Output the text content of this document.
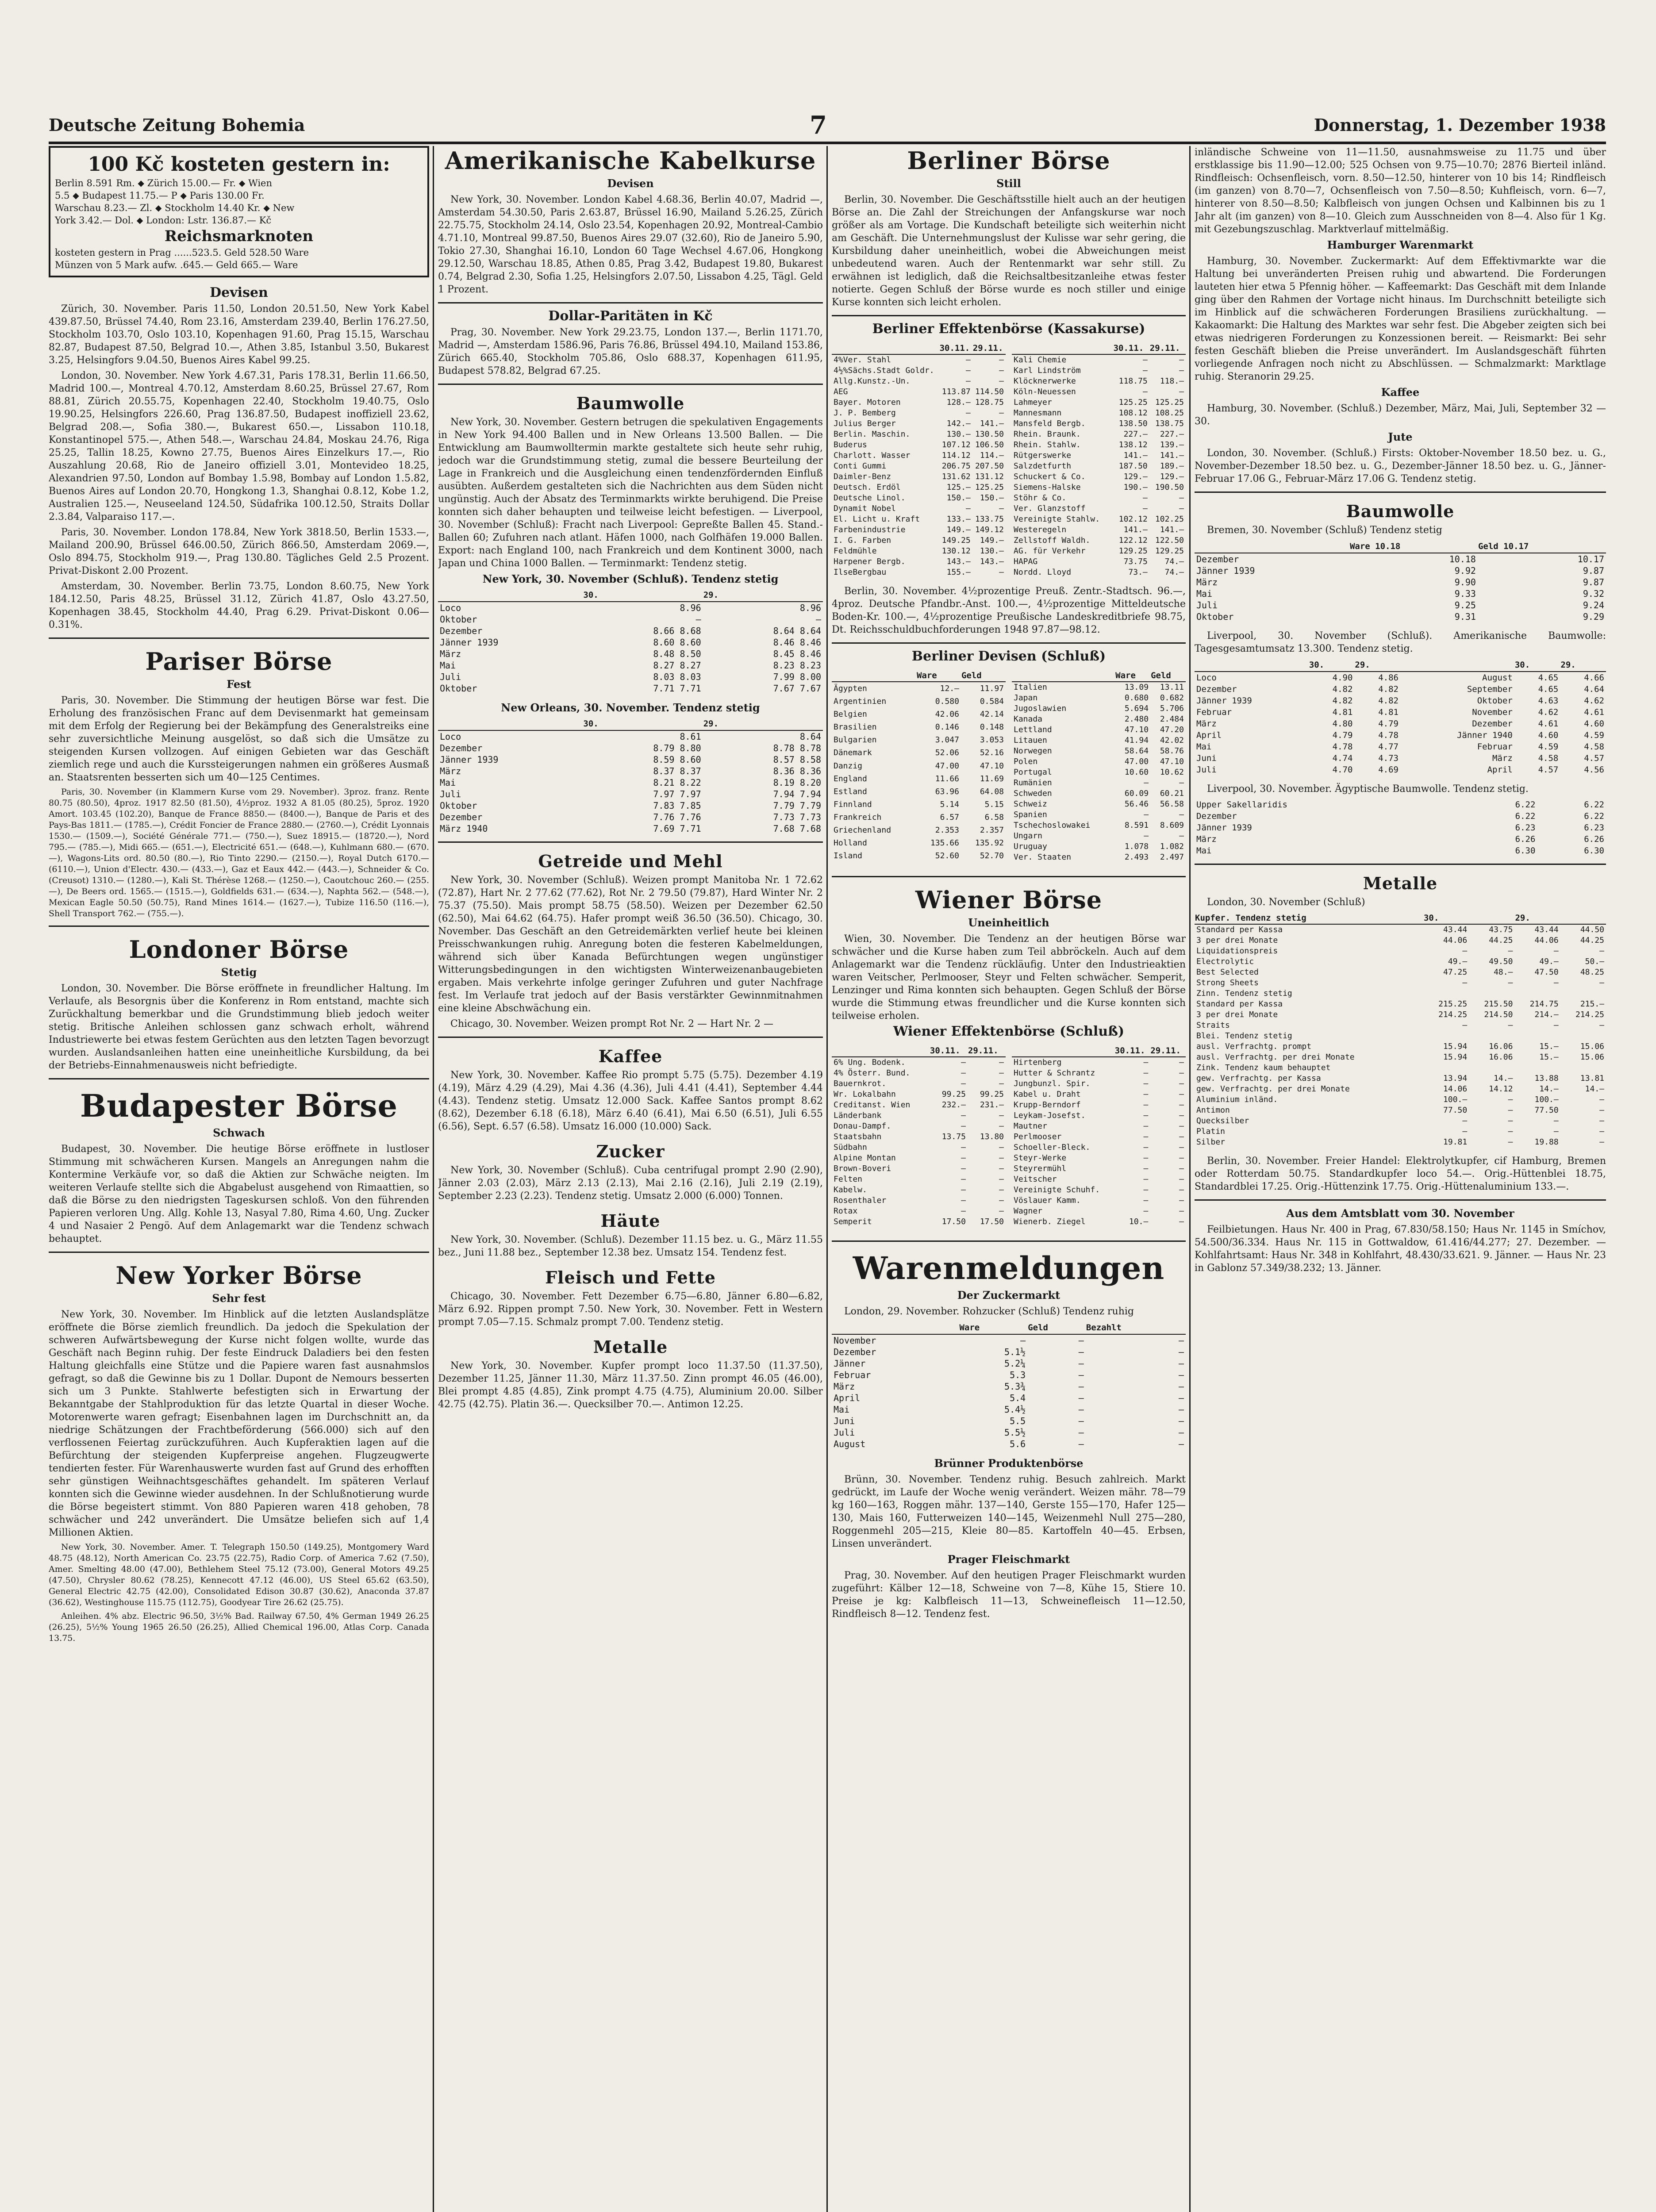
Deutsche Zeitung Bohemia	7	Donnerstag, 1. Dezember 1938
100 Kč kosteten gestern in:
Berlin 8.591 Rm. ⬥ Zürich 15.00.— Fr. ⬥ Wien
5.5 ⬥ Budapest 11.75.— P ⬥ Paris 130.00 Fr.
Warschau 8.23.— Zl. ⬥ Stockholm 14.40 Kr. ⬥ New
York 3.42.— Dol. ⬥ London: Lstr. 136.87.— Kč
Reichsmarknoten
kosteten gestern in Prag ......523.5. Geld 528.50 Ware
Münzen von 5 Mark aufw. .645.— Geld 665.— Ware
Devisen

Zürich, 30. November. Paris 11.50, London 20.51.50, New York Kabel 439.87.50, Brüssel 74.40, Rom 23.16, Amsterdam 239.40, Berlin 176.27.50, Stockholm 103.70, Oslo 103.10, Kopenhagen 91.60, Prag 15.15, Warschau 82.87, Budapest 87.50, Belgrad 10.—, Athen 3.85, Istanbul 3.50, Bukarest 3.25, Helsingfors 9.04.50, Buenos Aires Kabel 99.25.

London, 30. November. New York 4.67.31, Paris 178.31, Berlin 11.66.50, Madrid 100.—, Montreal 4.70.12, Amsterdam 8.60.25, Brüssel 27.67, Rom 88.81, Zürich 20.55.75, Kopenhagen 22.40, Stockholm 19.40.75, Oslo 19.90.25, Helsingfors 226.60, Prag 136.87.50, Budapest inoffiziell 23.62, Belgrad 208.—, Sofia 380.—, Bukarest 650.—, Lissabon 110.18, Konstantinopel 575.—, Athen 548.—, Warschau 24.84, Moskau 24.76, Riga 25.25, Tallin 18.25, Kowno 27.75, Buenos Aires Einzelkurs 17.—, Rio Auszahlung 20.68, Rio de Janeiro offiziell 3.01, Montevideo 18.25, Alexandrien 97.50, London auf Bombay 1.5.98, Bombay auf London 1.5.82, Buenos Aires auf London 20.70, Hongkong 1.3, Shanghai 0.8.12, Kobe 1.2, Australien 125.—, Neuseeland 124.50, Südafrika 100.12.50, Straits Dollar 2.3.84, Valparaiso 117.—.

Paris, 30. November. London 178.84, New York 3818.50, Berlin 1533.—, Mailand 200.90, Brüssel 646.00.50, Zürich 866.50, Amsterdam 2069.—, Oslo 894.75, Stockholm 919.—, Prag 130.80. Tägliches Geld 2.5 Prozent. Privat-Diskont 2.00 Prozent.

Amsterdam, 30. November. Berlin 73.75, London 8.60.75, New York 184.12.50, Paris 48.25, Brüssel 31.12, Zürich 41.87, Oslo 43.27.50, Kopenhagen 38.45, Stockholm 44.40, Prag 6.29. Privat-Diskont 0.06—0.31%.

Pariser Börse
Fest

Paris, 30. November. Die Stimmung der heutigen Börse war fest. Die Erholung des französischen Franc auf dem Devisenmarkt hat gemeinsam mit dem Erfolg der Regierung bei der Bekämpfung des Generalstreiks eine sehr zuversichtliche Meinung ausgelöst, so daß sich die Umsätze zu steigenden Kursen vollzogen. Auf einigen Gebieten war das Geschäft ziemlich rege und auch die Kurssteigerungen nahmen ein größeres Ausmaß an. Staatsrenten besserten sich um 40—125 Centimes.

Paris, 30. November (in Klammern Kurse vom 29. November). 3proz. franz. Rente 80.75 (80.50), 4proz. 1917 82.50 (81.50), 4½proz. 1932 A 81.05 (80.25), 5proz. 1920 Amort. 103.45 (102.20), Banque de France 8850.— (8400.—), Banque de Paris et des Pays-Bas 1811.— (1785.—), Crédit Foncier de France 2880.— (2760.—), Crédit Lyonnais 1530.— (1509.—), Société Générale 771.— (750.—), Suez 18915.— (18720.—), Nord 795.— (785.—), Midi 665.— (651.—), Electricité 651.— (648.—), Kuhlmann 680.— (670.—), Wagons-Lits ord. 80.50 (80.—), Rio Tinto 2290.— (2150.—), Royal Dutch 6170.— (6110.—), Union d'Electr. 430.— (433.—), Gaz et Eaux 442.— (443.—), Schneider & Co. (Creusot) 1310.— (1280.—), Kali St. Thérèse 1268.— (1250.—), Caoutchouc 260.— (255.—), De Beers ord. 1565.— (1515.—), Goldfields 631.— (634.—), Naphta 562.— (548.—), Mexican Eagle 50.50 (50.75), Rand Mines 1614.— (1627.—), Tubize 116.50 (116.—), Shell Transport 762.— (755.—).

Londoner Börse
Stetig

London, 30. November. Die Börse eröffnete in freundlicher Haltung. Im Verlaufe, als Besorgnis über die Konferenz in Rom entstand, machte sich Zurückhaltung bemerkbar und die Grundstimmung blieb jedoch weiter stetig. Britische Anleihen schlossen ganz schwach erholt, während Industriewerte bei etwas festem Gerüchten aus den letzten Tagen bevorzugt wurden. Auslandsanleihen hatten eine uneinheitliche Kursbildung, da bei der Betriebs-Einnahmenausweis nicht befriedigte.

Budapester Börse
Schwach

Budapest, 30. November. Die heutige Börse eröffnete in lustloser Stimmung mit schwächeren Kursen. Mangels an Anregungen nahm die Kontermine Verkäufe vor, so daß die Aktien zur Schwäche neigten. Im weiteren Verlaufe stellte sich die Abgabelust ausgehend von Rimaattien, so daß die Börse zu den niedrigsten Tageskursen schloß. Von den führenden Papieren verloren Ung. Allg. Kohle 13, Nasyal 7.80, Rima 4.60, Ung. Zucker 4 und Nasaier 2 Pengö. Auf dem Anlagemarkt war die Tendenz schwach behauptet.

New Yorker Börse
Sehr fest

New York, 30. November. Im Hinblick auf die letzten Auslandsplätze eröffnete die Börse ziemlich freundlich. Da jedoch die Spekulation der schweren Aufwärtsbewegung der Kurse nicht folgen wollte, wurde das Geschäft nach Beginn ruhig. Der feste Eindruck Daladiers bei den festen Haltung gleichfalls eine Stütze und die Papiere waren fast ausnahmslos gefragt, so daß die Gewinne bis zu 1 Dollar. Dupont de Nemours besserten sich um 3 Punkte. Stahlwerte befestigten sich in Erwartung der Bekanntgabe der Stahlproduktion für das letzte Quartal in dieser Woche. Motorenwerte waren gefragt; Eisenbahnen lagen im Durchschnitt an, da niedrige Schätzungen der Frachtbeförderung (566.000) sich auf den verflossenen Feiertag zurückzuführen. Auch Kupferaktien lagen auf die Befürchtung der steigenden Kupferpreise angehen. Flugzeugwerte tendierten fester. Für Warenhauswerte wurden fast auf Grund des erhofften sehr günstigen Weihnachtsgeschäftes gehandelt. Im späteren Verlauf konnten sich die Gewinne wieder ausdehnen. In der Schlußnotierung wurde die Börse begeistert stimmt. Von 880 Papieren waren 418 gehoben, 78 schwächer und 242 unverändert. Die Umsätze beliefen sich auf 1,4 Millionen Aktien.

New York, 30. November. Amer. T. Telegraph 150.50 (149.25), Montgomery Ward 48.75 (48.12), North American Co. 23.75 (22.75), Radio Corp. of America 7.62 (7.50), Amer. Smelting 48.00 (47.00), Bethlehem Steel 75.12 (73.00), General Motors 49.25 (47.50), Chrysler 80.62 (78.25), Kennecott 47.12 (46.00), US Steel 65.62 (63.50), General Electric 42.75 (42.00), Consolidated Edison 30.87 (30.62), Anaconda 37.87 (36.62), Westinghouse 115.75 (112.75), Goodyear Tire 26.62 (25.75).

Anleihen. 4% abz. Electric 96.50, 3½% Bad. Railway 67.50, 4% German 1949 26.25 (26.25), 5½% Young 1965 26.50 (26.25), Allied Chemical 196.00, Atlas Corp. Canada 13.75.

Amerikanische Kabelkurse
Devisen

New York, 30. November. London Kabel 4.68.36, Berlin 40.07, Madrid —, Amsterdam 54.30.50, Paris 2.63.87, Brüssel 16.90, Mailand 5.26.25, Zürich 22.75.75, Stockholm 24.14, Oslo 23.54, Kopenhagen 20.92, Montreal-Cambio 4.71.10, Montreal 99.87.50, Buenos Aires 29.07 (32.60), Rio de Janeiro 5.90, Tokio 27.30, Shanghai 16.10, London 60 Tage Wechsel 4.67.06, Hongkong 29.12.50, Warschau 18.85, Athen 0.85, Prag 3.42, Budapest 19.80, Bukarest 0.74, Belgrad 2.30, Sofia 1.25, Helsingfors 2.07.50, Lissabon 4.25, Tägl. Geld 1 Prozent.

Dollar-Paritäten in Kč

Prag, 30. November. New York 29.23.75, London 137.—, Berlin 1171.70, Madrid —, Amsterdam 1586.96, Paris 76.86, Brüssel 494.10, Mailand 153.86, Zürich 665.40, Stockholm 705.86, Oslo 688.37, Kopenhagen 611.95, Budapest 578.82, Belgrad 67.25.

Baumwolle

New York, 30. November. Gestern betrugen die spekulativen Engagements in New York 94.400 Ballen und in New Orleans 13.500 Ballen. — Die Entwicklung am Baumwolltermin markte gestaltete sich heute sehr ruhig, jedoch war die Grundstimmung stetig, zumal die bessere Beurteilung der Lage in Frankreich und die Ausgleichung einen tendenzfördernden Einfluß ausübten. Außerdem gestalteten sich die Nachrichten aus dem Süden nicht ungünstig. Auch der Absatz des Terminmarkts wirkte beruhigend. Die Preise konnten sich daher behaupten und teilweise leicht befestigen. — Liverpool, 30. November (Schluß): Fracht nach Liverpool: Gepreßte Ballen 45. Stand.-Ballen 60; Zufuhren nach atlant. Häfen 1000, nach Golfhäfen 19.000 Ballen. Export: nach England 100, nach Frankreich und dem Kontinent 3000, nach Japan und China 1000 Ballen. — Terminmarkt: Tendenz stetig.

New York, 30. November (Schluß). Tendenz stetig
	30.	29.
Loco	8.96	8.96
Oktober	—	—
Dezember	8.66 8.68	8.64 8.64
Jänner 1939	8.60 8.60	8.46 8.46
März	8.48 8.50	8.45 8.46
Mai	8.27 8.27	8.23 8.23
Juli	8.03 8.03	7.99 8.00
Oktober	7.71 7.71	7.67 7.67
New Orleans, 30. November. Tendenz stetig
	30.	29.
Loco	8.61	8.64
Dezember	8.79 8.80	8.78 8.78
Jänner 1939	8.59 8.60	8.57 8.58
März	8.37 8.37	8.36 8.36
Mai	8.21 8.22	8.19 8.20
Juli	7.97 7.97	7.94 7.94
Oktober	7.83 7.85	7.79 7.79
Dezember	7.76 7.76	7.73 7.73
März 1940	7.69 7.71	7.68 7.68
Getreide und Mehl

New York, 30. November (Schluß). Weizen prompt Manitoba Nr. 1 72.62 (72.87), Hart Nr. 2 77.62 (77.62), Rot Nr. 2 79.50 (79.87), Hard Winter Nr. 2 75.37 (75.50). Mais prompt 58.75 (58.50). Weizen per Dezember 62.50 (62.50), Mai 64.62 (64.75). Hafer prompt weiß 36.50 (36.50). Chicago, 30. November. Das Geschäft an den Getreidemärkten verlief heute bei kleinen Preisschwankungen ruhig. Anregung boten die festeren Kabelmeldungen, während sich über Kanada Befürchtungen wegen ungünstiger Witterungsbedingungen in den wichtigsten Winterweizenanbaugebieten ergaben. Mais verkehrte infolge geringer Zufuhren und guter Nachfrage fest. Im Verlaufe trat jedoch auf der Basis verstärkter Gewinnmitnahmen eine kleine Abschwächung ein.

Chicago, 30. November. Weizen prompt Rot Nr. 2 — Hart Nr. 2 —

Kaffee

New York, 30. November. Kaffee Rio prompt 5.75 (5.75). Dezember 4.19 (4.19), März 4.29 (4.29), Mai 4.36 (4.36), Juli 4.41 (4.41), September 4.44 (4.43). Tendenz stetig. Umsatz 12.000 Sack. Kaffee Santos prompt 8.62 (8.62), Dezember 6.18 (6.18), März 6.40 (6.41), Mai 6.50 (6.51), Juli 6.55 (6.56), Sept. 6.57 (6.58). Umsatz 16.000 (10.000) Sack.

Zucker

New York, 30. November (Schluß). Cuba centrifugal prompt 2.90 (2.90), Jänner 2.03 (2.03), März 2.13 (2.13), Mai 2.16 (2.16), Juli 2.19 (2.19), September 2.23 (2.23). Tendenz stetig. Umsatz 2.000 (6.000) Tonnen.

Häute

New York, 30. November. (Schluß). Dezember 11.15 bez. u. G., März 11.55 bez., Juni 11.88 bez., September 12.38 bez. Umsatz 154. Tendenz fest.

Fleisch und Fette

Chicago, 30. November. Fett Dezember 6.75—6.80, Jänner 6.80—6.82, März 6.92. Rippen prompt 7.50. New York, 30. November. Fett in Western prompt 7.05—7.15. Schmalz prompt 7.00. Tendenz stetig.

Metalle

New York, 30. November. Kupfer prompt loco 11.37.50 (11.37.50), Dezember 11.25, Jänner 11.30, März 11.37.50. Zinn prompt 46.05 (46.00), Blei prompt 4.85 (4.85), Zink prompt 4.75 (4.75), Aluminium 20.00. Silber 42.75 (42.75). Platin 36.—. Quecksilber 70.—. Antimon 12.25.

Berliner Börse
Still

Berlin, 30. November. Die Geschäftsstille hielt auch an der heutigen Börse an. Die Zahl der Streichungen der Anfangskurse war noch größer als am Vortage. Die Kundschaft beteiligte sich weiterhin nicht am Geschäft. Die Unternehmungslust der Kulisse war sehr gering, die Kursbildung daher uneinheitlich, wobei die Abweichungen meist unbedeutend waren. Auch der Rentenmarkt war sehr still. Zu erwähnen ist lediglich, daß die Reichsaltbesitzanleihe etwas fester notierte. Gegen Schluß der Börse wurde es noch stiller und einige Kurse konnten sich leicht erholen.

Berliner Effektenbörse (Kassakurse)
	30.11.	29.11.
4%Ver. Stahl	—	—
4½%Sächs.Stadt Goldr.	—	—
Allg.Kunstz.-Un.	—	—
AEG	113.87	114.50
Bayer. Motoren	128.—	128.75
J. P. Bemberg	—	—
Julius Berger	142.—	141.—
Berlin. Maschin.	130.—	130.50
Buderus	107.12	106.50
Charlott. Wasser	114.12	114.—
Conti Gummi	206.75	207.50
Daimler-Benz	131.62	131.12
Deutsch. Erdöl	125.—	125.25
Deutsche Linol.	150.—	150.—
Dynamit Nobel	—	—
El. Licht u. Kraft	133.—	133.75
Farbenindustrie	149.—	149.12
I. G. Farben	149.25	149.—
Feldmühle	130.12	130.—
Harpener Bergb.	143.—	143.—
IlseBergbau	155.—	—
	30.11.	29.11.
Kali Chemie	—	—
Karl Lindström	—	—
Klöcknerwerke	118.75	118.—
Köln-Neuessen	—	—
Lahmeyer	125.25	125.25
Mannesmann	108.12	108.25
Mansfeld Bergb.	138.50	138.75
Rhein. Braunk.	227.—	227.—
Rhein. Stahlw.	138.12	139.—
Rütgerswerke	141.—	141.—
Salzdetfurth	187.50	189.—
Schuckert & Co.	129.—	129.—
Siemens-Halske	190.—	190.50
Stöhr & Co.	—	—
Ver. Glanzstoff	—	—
Vereinigte Stahlw.	102.12	102.25
Westeregeln	141.—	141.—
Zellstoff Waldh.	122.12	122.50
AG. für Verkehr	129.25	129.25
HAPAG	73.75	74.—
Nordd. Lloyd	73.—	74.—

Berlin, 30. November. 4½prozentige Preuß. Zentr.-Stadtsch. 96.—, 4proz. Deutsche Pfandbr.-Anst. 100.—, 4½prozentige Mitteldeutsche Boden-Kr. 100.—, 4½prozentige Preußische Landeskreditbriefe 98.75, Dt. Reichsschuldbuchforderungen 1948 97.87—98.12.

Berliner Devisen (Schluß)
	Ware	Geld
Ägypten	12.—	11.97
Argentinien	0.580	0.584
Belgien	42.06	42.14
Brasilien	0.146	0.148
Bulgarien	3.047	3.053
Dänemark	52.06	52.16
Danzig	47.00	47.10
England	11.66	11.69
Estland	63.96	64.08
Finnland	5.14	5.15
Frankreich	6.57	6.58
Griechenland	2.353	2.357
Holland	135.66	135.92
Island	52.60	52.70
	Ware	Geld
Italien	13.09	13.11
Japan	0.680	0.682
Jugoslawien	5.694	5.706
Kanada	2.480	2.484
Lettland	47.10	47.20
Litauen	41.94	42.02
Norwegen	58.64	58.76
Polen	47.00	47.10
Portugal	10.60	10.62
Rumänien	—	—
Schweden	60.09	60.21
Schweiz	56.46	56.58
Spanien	—	—
Tschechoslowakei	8.591	8.609
Ungarn	—	—
Uruguay	1.078	1.082
Ver. Staaten	2.493	2.497
Wiener Börse
Uneinheitlich

Wien, 30. November. Die Tendenz an der heutigen Börse war schwächer und die Kurse haben zum Teil abbröckeln. Auch auf dem Anlagemarkt war die Tendenz rückläufig. Unter den Industrieaktien waren Veitscher, Perlmooser, Steyr und Felten schwächer. Semperit, Lenzinger und Rima konnten sich behaupten. Gegen Schluß der Börse wurde die Stimmung etwas freundlicher und die Kurse konnten sich teilweise erholen.

Wiener Effektenbörse (Schluß)
	30.11.	29.11.
6% Ung. Bodenk.	—	—
4% Österr. Bund.	—	—
Bauernkrot.	—	—
Wr. Lokalbahn	99.25	99.25
Creditanst. Wien	232.—	231.—
Länderbank	—	—
Donau-Dampf.	—	—
Staatsbahn	13.75	13.80
Südbahn	—	—
Alpine Montan	—	—
Brown-Boveri	—	—
Felten	—	—
Kabelw.	—	—
Rosenthaler	—	—
Rotax	—	—
Semperit	17.50	17.50
	30.11.	29.11.
Hirtenberg	—	—
Hutter & Schrantz	—	—
Jungbunzl. Spir.	—	—
Kabel u. Draht	—	—
Krupp-Berndorf	—	—
Leykam-Josefst.	—	—
Mautner	—	—
Perlmooser	—	—
Schoeller-Bleck.	—	—
Steyr-Werke	—	—
Steyrermühl	—	—
Veitscher	—	—
Vereinigte Schuhf.	—	—
Vöslauer Kamm.	—	—
Wagner	—	—
Wienerb. Ziegel	10.—	—
Warenmeldungen
Der Zuckermarkt

London, 29. November. Rohzucker (Schluß) Tendenz ruhig

	Ware	Geld	Bezahlt
November	—	—	—
Dezember	5.1½	—	—
Jänner	5.2¼	—	—
Februar	5.3	—	—
März	5.3¾	—	—
April	5.4	—	—
Mai	5.4½	—	—
Juni	5.5	—	—
Juli	5.5½	—	—
August	5.6	—	—
Brünner Produktenbörse

Brünn, 30. November. Tendenz ruhig. Besuch zahlreich. Markt gedrückt, im Laufe der Woche wenig verändert. Weizen mähr. 78—79 kg 160—163, Roggen mähr. 137—140, Gerste 155—170, Hafer 125—130, Mais 160, Futterweizen 140—145, Weizenmehl Null 275—280, Roggenmehl 205—215, Kleie 80—85. Kartoffeln 40—45. Erbsen, Linsen unverändert.

Prager Fleischmarkt

Prag, 30. November. Auf den heutigen Prager Fleischmarkt wurden zugeführt: Kälber 12—18, Schweine von 7—8, Kühe 15, Stiere 10. Preise je kg: Kalbfleisch 11—13, Schweinefleisch 11—12.50, Rindfleisch 8—12. Tendenz fest.

inländische Schweine von 11—11.50, ausnahmsweise zu 11.75 und über erstklassige bis 11.90—12.00; 525 Ochsen von 9.75—10.70; 2876 Bierteil inländ. Rindfleisch: Ochsenfleisch, vorn. 8.50—12.50, hinterer von 10 bis 14; Rindfleisch (im ganzen) von 8.70—7, Ochsenfleisch von 7.50—8.50; Kuhfleisch, vorn. 6—7, hinterer von 8.50—8.50; Kalbfleisch von jungen Ochsen und Kalbinnen bis zu 1 Jahr alt (im ganzen) von 8—10. Gleich zum Ausschneiden von 8—4. Also für 1 Kg. mit Gezebungszuschlag. Marktverlauf mittelmäßig.

Hamburger Warenmarkt

Hamburg, 30. November. Zuckermarkt: Auf dem Effektivmarkte war die Haltung bei unveränderten Preisen ruhig und abwartend. Die Forderungen lauteten hier etwa 5 Pfennig höher. — Kaffeemarkt: Das Geschäft mit dem Inlande ging über den Rahmen der Vortage nicht hinaus. Im Durchschnitt beteiligte sich im Hinblick auf die schwächeren Forderungen Brasiliens zurückhaltung. — Kakaomarkt: Die Haltung des Marktes war sehr fest. Die Abgeber zeigten sich bei etwas niedrigeren Forderungen zu Konzessionen bereit. — Reismarkt: Bei sehr festen Geschäft blieben die Preise unverändert. Im Auslandsgeschäft führten vorliegende Anfragen noch nicht zu Abschlüssen. — Schmalzmarkt: Marktlage ruhig. Steranorin 29.25.

Kaffee

Hamburg, 30. November. (Schluß.) Dezember, März, Mai, Juli, September 32 — 30.

Jute

London, 30. November. (Schluß.) Firsts: Oktober-November 18.50 bez. u. G., November-Dezember 18.50 bez. u. G., Dezember-Jänner 18.50 bez. u. G., Jänner-Februar 17.06 G., Februar-März 17.06 G. Tendenz stetig.

Baumwolle

Bremen, 30. November (Schluß) Tendenz stetig

	Ware 10.18	Geld 10.17
Dezember	10.18	10.17
Jänner 1939	9.92	9.87
März	9.90	9.87
Mai	9.33	9.32
Juli	9.25	9.24
Oktober	9.31	9.29

Liverpool, 30. November (Schluß). Amerikanische Baumwolle: Tagesgesamtumsatz 13.300. Tendenz stetig.

	30.	29.		30.	29.
Loco	4.90	4.86	August	4.65	4.66
Dezember	4.82	4.82	September	4.65	4.64
Jänner 1939	4.82	4.82	Oktober	4.63	4.62
Februar	4.81	4.81	November	4.62	4.61
März	4.80	4.79	Dezember	4.61	4.60
April	4.79	4.78	Jänner 1940	4.60	4.59
Mai	4.78	4.77	Februar	4.59	4.58
Juni	4.74	4.73	März	4.58	4.57
Juli	4.70	4.69	April	4.57	4.56

Liverpool, 30. November. Ägyptische Baumwolle. Tendenz stetig.

Upper Sakellaridis	6.22	6.22
Dezember	6.22	6.22
Jänner 1939	6.23	6.23
März	6.26	6.26
Mai	6.30	6.30
Metalle

London, 30. November (Schluß)

Kupfer. Tendenz stetig	30.		29.	
Standard per Kassa	43.44	43.75	43.44	44.50
3 per drei Monate	44.06	44.25	44.06	44.25
Liquidationspreis	—	—	—	—
Electrolytic	49.—	49.50	49.—	50.—
Best Selected	47.25	48.—	47.50	48.25
Strong Sheets	—	—	—	—
Zinn. Tendenz stetig				
Standard per Kassa	215.25	215.50	214.75	215.—
3 per drei Monate	214.25	214.50	214.—	214.25
Straits	—	—	—	—
Blei. Tendenz stetig				
ausl. Verfrachtg. prompt	15.94	16.06	15.—	15.06
ausl. Verfrachtg. per drei Monate	15.94	16.06	15.—	15.06
Zink. Tendenz kaum behauptet				
gew. Verfrachtg. per Kassa	13.94	14.—	13.88	13.81
gew. Verfrachtg. per drei Monate	14.06	14.12	14.—	14.—
Aluminium inländ.	100.—	—	100.—	—
Antimon	77.50	—	77.50	—
Quecksilber	—	—	—	—
Platin	—	—	—	—
Silber	19.81	—	19.88	—

Berlin, 30. November. Freier Handel: Elektrolytkupfer, cif Hamburg, Bremen oder Rotterdam 50.75. Standardkupfer loco 54.—. Orig.-Hüttenblei 18.75, Standardblei 17.25. Orig.-Hüttenzink 17.75. Orig.-Hüttenaluminium 133.—.

Aus dem Amtsblatt vom 30. November

Feilbietungen. Haus Nr. 400 in Prag, 67.830/58.150; Haus Nr. 1145 in Smíchov, 54.500/36.334. Haus Nr. 115 in Gottwaldow, 61.416/44.277; 27. Dezember. — Kohlfahrtsamt: Haus Nr. 348 in Kohlfahrt, 48.430/33.621. 9. Jänner. — Haus Nr. 23 in Gablonz 57.349/38.232; 13. Jänner.
